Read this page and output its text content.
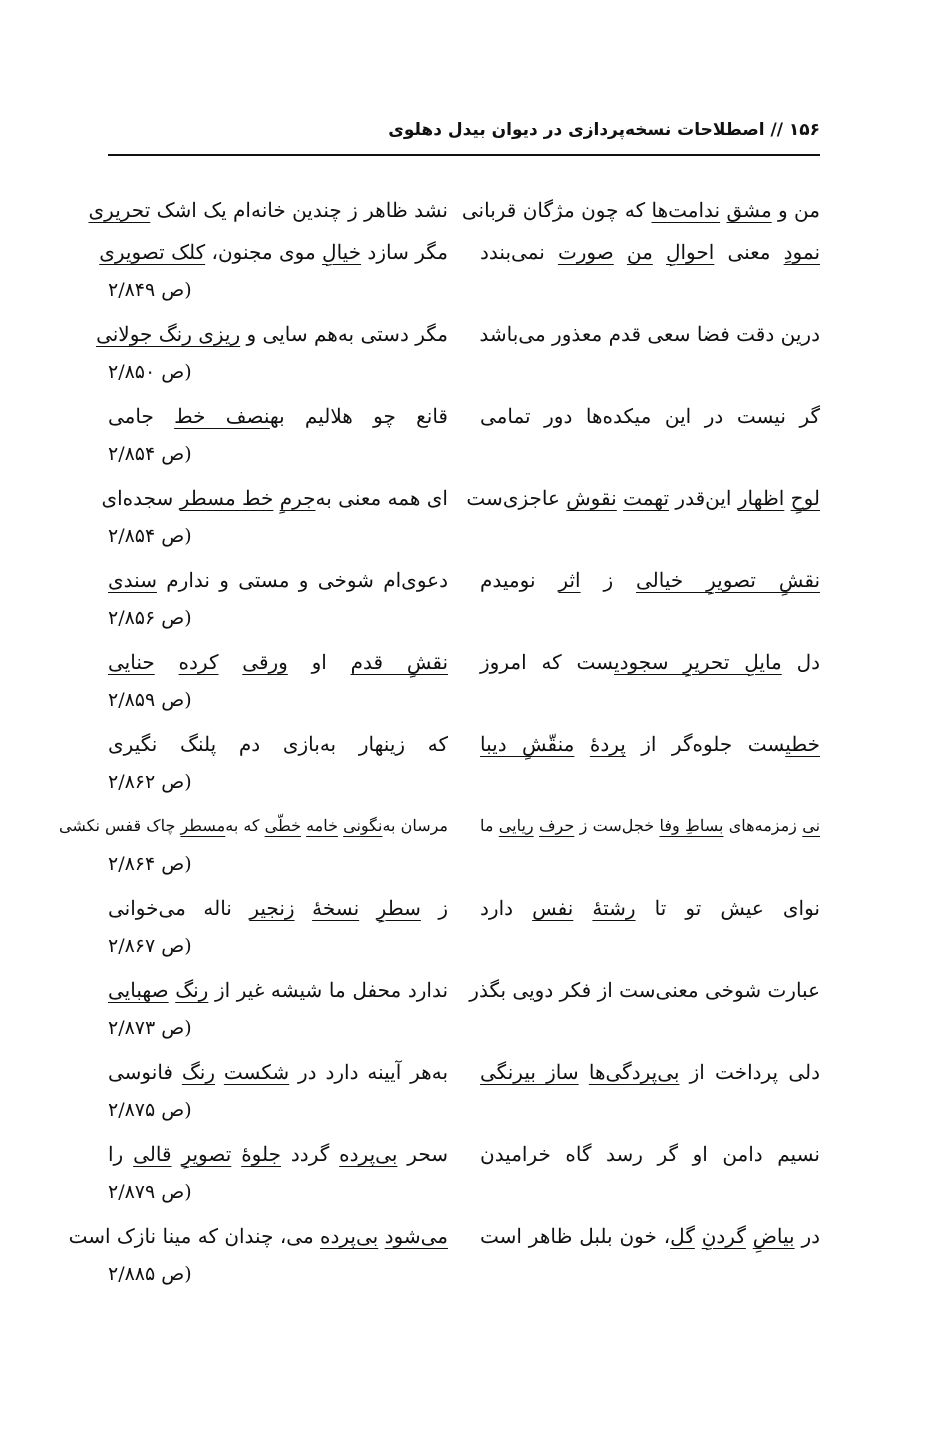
۱۵۶ // اصطلاحات نسخه‌پردازی در دیوان بیدل دهلوی
من و مشق ندامت‌ها که چون مژگان قربانی
نشد ظاهر ز چندین خانه‌ام یک اشک تحریری
نمودِ معنی احوالِ من صورت نمی‌بندد
مگر سازد خیالِ موی مجنون، کلک تصویری
(ص ۲/۸۴۹
درین دقت فضا سعی قدم معذور می‌باشد
مگر دستی به‌هم سایی و ریزی رنگ جولانی
(ص ۲/۸۵۰
گر نیست در این میکده‌ها دور تمامی
قانع چو هلالیم بهنصف خط جامی
(ص ۲/۸۵۴
لوحِ اظهار این‌قدر تهمت نقوش عاجزی‌ست
ای همه معنی به‌جرمِ خط مسطر سجده‌ای
(ص ۲/۸۵۴
نقشِ تصویرِ خیالی ز اثر نومیدم
دعوی‌ام شوخی و مستی و ندارم سندی
(ص ۲/۸۵۶
دل مایلِ تحریرِ سجودیست که امروز
نقشِ قدم او ورقی کرده حنایی
(ص ۲/۸۵۹
خطیست جلوه‌گر از پردهٔ منقّشِ دیبا
که زینهار به‌بازی دم پلنگ نگیری
(ص ۲/۸۶۲
نی زمزمه‌های بساطِ وفا خجل‌ست ز حرف ریایی ما
مرسان به‌نگونی خامه خطّی که به‌مسطر چاک قفس نکشی
(ص ۲/۸۶۴
نوای عیش تو تا رشتهٔ نفس دارد
ز سطرِ نسخهٔ زنجیر ناله می‌خوانی
(ص ۲/۸۶۷
عبارت شوخی معنی‌ست از فکر دویی بگذر
ندارد محفل ما شیشه غیر از رنگ صهبایی
(ص ۲/۸۷۳
دلی پرداخت از بی‌پردگی‌ها ساز بیرنگی
به‌هر آیینه دارد در شکست رنگ فانوسی
(ص ۲/۸۷۵
نسیم دامن او گر رسد گاه خرامیدن
سحر بی‌پرده گردد جلوهٔ تصویرِ قالی را
(ص ۲/۸۷۹
در بیاضِ گردنِ گل، خون بلبل ظاهر است
می‌شود بی‌پرده می، چندان که مینا نازک است
(ص ۲/۸۸۵
